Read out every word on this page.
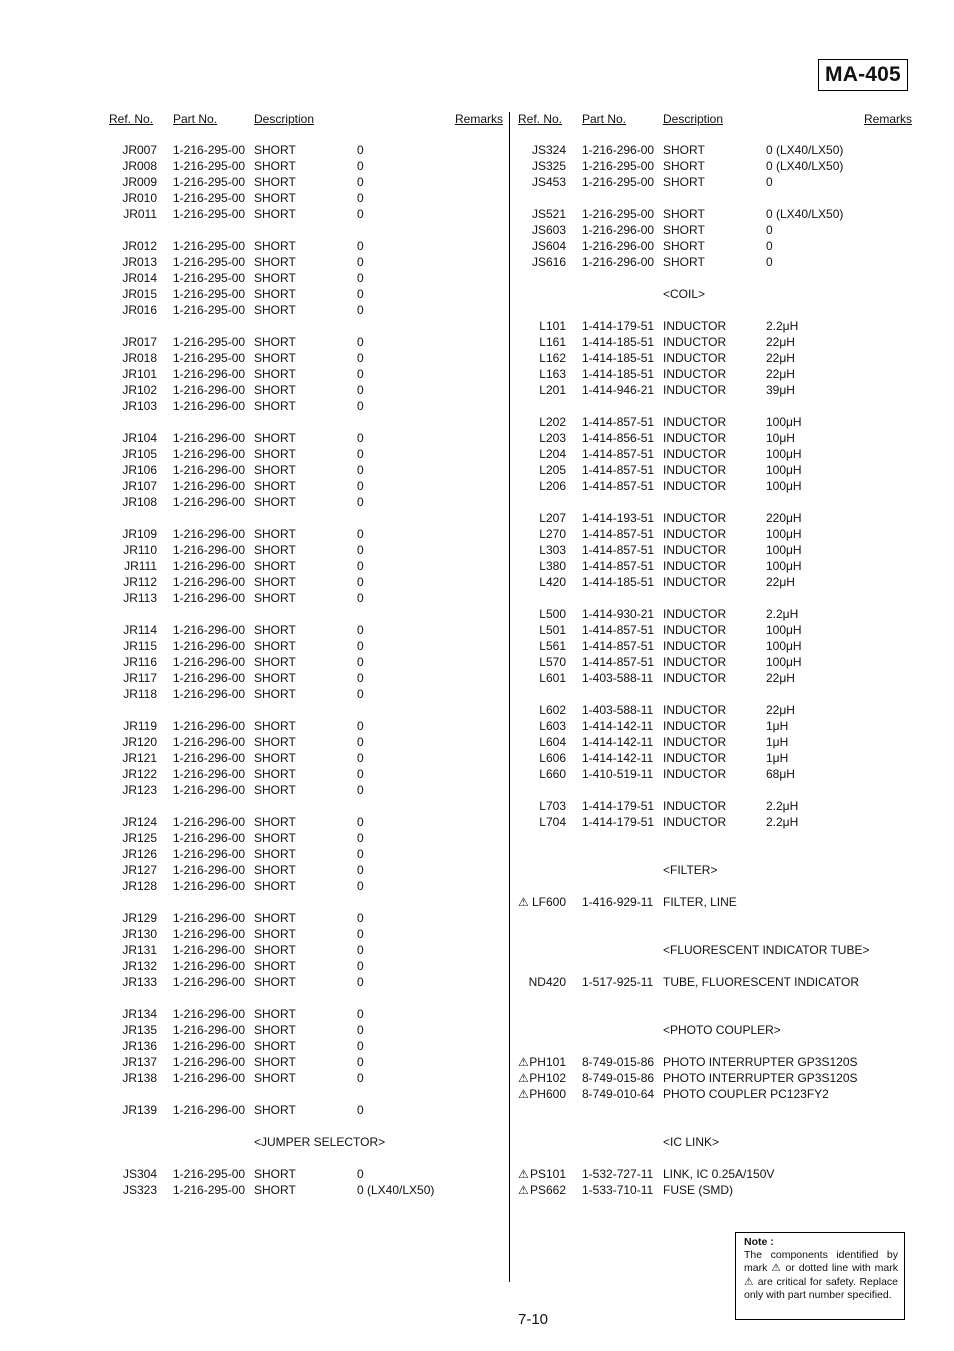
MA-405
Ref. No. Part No.	Description	Remarks
JR007 1-216-295-00 SHORT	0
JR008 1-216-295-00 SHORT	0
JR009 1-216-295-00 SHORT	0
JR010 1-216-295-00 SHORT	0
JR011 1-216-295-00 SHORT	0
JR012 1-216-295-00 SHORT	0
JR013 1-216-295-00 SHORT	0
JR014 1-216-295-00 SHORT	0
JR015 1-216-295-00 SHORT	0
JR016 1-216-295-00 SHORT	0
JR017 1-216-295-00 SHORT	0
JR018 1-216-295-00 SHORT	0
JR101 1-216-296-00 SHORT	0
JR102 1-216-296-00 SHORT	0
JR103 1-216-296-00 SHORT	0
JR104 1-216-296-00 SHORT	0
JR105 1-216-296-00 SHORT	0
JR106 1-216-296-00 SHORT	0
JR107 1-216-296-00 SHORT	0
JR108 1-216-296-00 SHORT	0
JR109 1-216-296-00 SHORT	0
JR110 1-216-296-00 SHORT	0
JR111 1-216-296-00 SHORT	0
JR112 1-216-296-00 SHORT	0
JR113 1-216-296-00 SHORT	0
JR114 1-216-296-00 SHORT	0
JR115 1-216-296-00 SHORT	0
JR116 1-216-296-00 SHORT	0
JR117 1-216-296-00 SHORT	0
JR118 1-216-296-00 SHORT	0
JR119 1-216-296-00 SHORT	0
JR120 1-216-296-00 SHORT	0
JR121 1-216-296-00 SHORT	0
JR122 1-216-296-00 SHORT	0
JR123 1-216-296-00 SHORT	0
JR124 1-216-296-00 SHORT	0
JR125 1-216-296-00 SHORT	0
JR126 1-216-296-00 SHORT	0
JR127 1-216-296-00 SHORT	0
JR128 1-216-296-00 SHORT	0
JR129 1-216-296-00 SHORT	0
JR130 1-216-296-00 SHORT	0
JR131 1-216-296-00 SHORT	0
JR132 1-216-296-00 SHORT	0
JR133 1-216-296-00 SHORT	0
JR134 1-216-296-00 SHORT	0
JR135 1-216-296-00 SHORT	0
JR136 1-216-296-00 SHORT	0
JR137 1-216-296-00 SHORT	0
JR138 1-216-296-00 SHORT	0
JR139 1-216-296-00 SHORT	0
<JUMPER SELECTOR>
JS304 1-216-295-00 SHORT	0
JS323 1-216-295-00 SHORT	0 (LX40/LX50)
Ref. No. Part No.	Description	Remarks
JS324 1-216-296-00 SHORT	0 (LX40/LX50)
JS325 1-216-295-00 SHORT	0 (LX40/LX50)
JS453 1-216-295-00 SHORT	0
JS521 1-216-295-00 SHORT	0 (LX40/LX50)
JS603 1-216-296-00 SHORT	0
JS604 1-216-296-00 SHORT	0
JS616 1-216-296-00 SHORT	0
<COIL>
L101 1-414-179-51 INDUCTOR	2.2μH
L161 1-414-185-51 INDUCTOR	22μH
L162 1-414-185-51 INDUCTOR	22μH
L163 1-414-185-51 INDUCTOR	22μH
L201 1-414-946-21 INDUCTOR	39μH
L202 1-414-857-51 INDUCTOR	100μH
L203 1-414-856-51 INDUCTOR	10μH
L204 1-414-857-51 INDUCTOR	100μH
L205 1-414-857-51 INDUCTOR	100μH
L206 1-414-857-51 INDUCTOR	100μH
L207 1-414-193-51 INDUCTOR	220μH
L270 1-414-857-51 INDUCTOR	100μH
L303 1-414-857-51 INDUCTOR	100μH
L380 1-414-857-51 INDUCTOR	100μH
L420 1-414-185-51 INDUCTOR	22μH
L500 1-414-930-21 INDUCTOR	2.2μH
L501 1-414-857-51 INDUCTOR	100μH
L561 1-414-857-51 INDUCTOR	100μH
L570 1-414-857-51 INDUCTOR	100μH
L601 1-403-588-11 INDUCTOR	22μH
L602 1-403-588-11 INDUCTOR	22μH
L603 1-414-142-11 INDUCTOR	1μH
L604 1-414-142-11 INDUCTOR	1μH
L606 1-414-142-11 INDUCTOR	1μH
L660 1-410-519-11 INDUCTOR	68μH
L703 1-414-179-51 INDUCTOR	2.2μH
L704 1-414-179-51 INDUCTOR	2.2μH
<FILTER>
⚠ LF600 1-416-929-11 FILTER, LINE
<FLUORESCENT INDICATOR TUBE>
ND420 1-517-925-11 TUBE, FLUORESCENT INDICATOR
<PHOTO COUPLER>
⚠ PH101 8-749-015-86 PHOTO INTERRUPTER GP3S120S
⚠ PH102 8-749-015-86 PHOTO INTERRUPTER GP3S120S
⚠ PH600 8-749-010-64 PHOTO COUPLER PC123FY2
<IC LINK>
⚠ PS101 1-532-727-11 LINK, IC 0.25A/150V
⚠ PS662 1-533-710-11 FUSE (SMD)
Note :
The components identified by mark ⚠ or dotted line with mark ⚠ are critical for safety. Replace only with part number specified.
7-10
